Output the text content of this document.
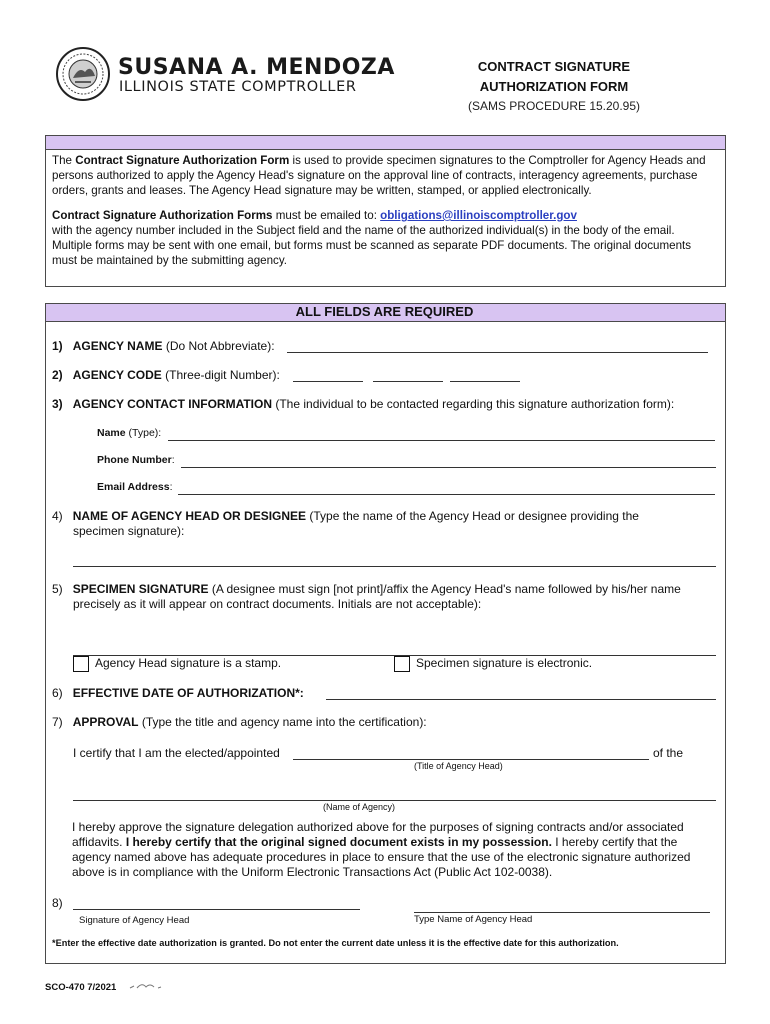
SUSANA A. MENDOZA
ILLINOIS STATE COMPTROLLER
CONTRACT SIGNATURE
AUTHORIZATION FORM
(SAMS PROCEDURE 15.20.95)

The Contract Signature Authorization Form is used to provide specimen signatures to the Comptroller for Agency Heads and persons authorized to apply the Agency Head's signature on the approval line of contracts, interagency agreements, purchase orders, grants and leases. The Agency Head signature may be written, stamped, or applied electronically.

Contract Signature Authorization Forms must be emailed to: obligations@illinoiscomptroller.gov
with the agency number included in the Subject field and the name of the authorized individual(s) in the body of the email. Multiple forms may be sent with one email, but forms must be scanned as separate PDF documents. The original documents must be maintained by the submitting agency.

ALL FIELDS ARE REQUIRED
1) AGENCY NAME (Do Not Abbreviate):
2) AGENCY CODE (Three-digit Number):
3) AGENCY CONTACT INFORMATION (The individual to be contacted regarding this signature authorization form):
Name (Type):
Phone Number:
Email Address:
4) NAME OF AGENCY HEAD OR DESIGNEE (Type the name of the Agency Head or designee providing the
specimen signature):
5) SPECIMEN SIGNATURE (A designee must sign [not print]/affix the Agency Head's name followed by his/her name
precisely as it will appear on contract documents. Initials are not acceptable):
Agency Head signature is a stamp.	Specimen signature is electronic.
6) EFFECTIVE DATE OF AUTHORIZATION*:
7) APPROVAL (Type the title and agency name into the certification):
I certify that I am the elected/appointed	of the
(Title of Agency Head)
(Name of Agency)
I hereby approve the signature delegation authorized above for the purposes of signing contracts and/or associated affidavits. I hereby certify that the original signed document exists in my possession. I hereby certify that the agency named above has adequate procedures in place to ensure that the use of the electronic signature authorized above is in compliance with the Uniform Electronic Transactions Act (Public Act 102-0038).
8)
Signature of Agency Head	Type Name of Agency Head
*Enter the effective date authorization is granted. Do not enter the current date unless it is the effective date for this authorization.
SCO-470 7/2021
